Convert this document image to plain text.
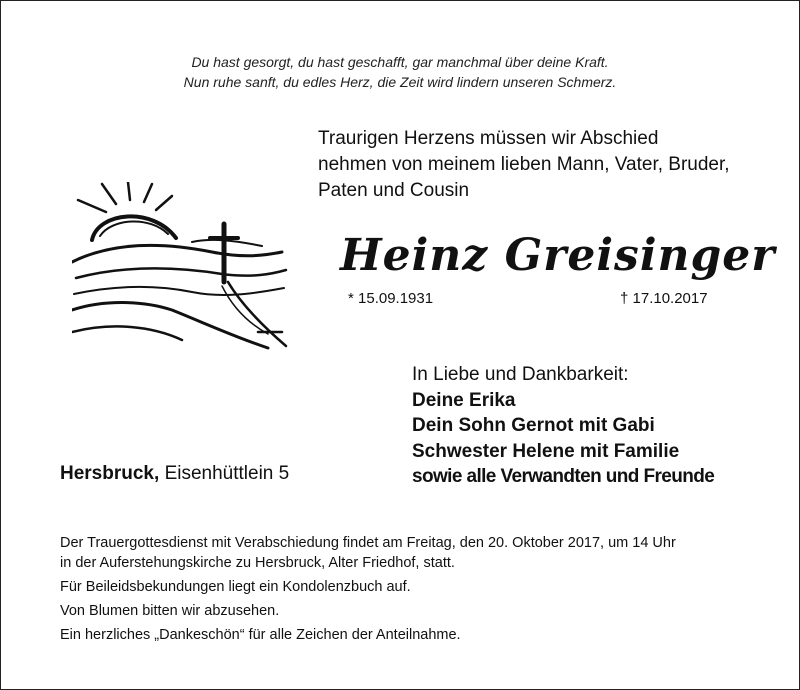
Du hast gesorgt, du hast geschafft, gar manchmal über deine Kraft.
Nun ruhe sanft, du edles Herz, die Zeit wird lindern unseren Schmerz.
Traurigen Herzens müssen wir Abschied
nehmen von meinem lieben Mann, Vater, Bruder,
Paten und Cousin
Heinz Greisinger
* 15.09.1931	† 17.10.2017
In Liebe und Dankbarkeit:
Deine Erika
Dein Sohn Gernot mit Gabi
Schwester Helene mit Familie
sowie alle Verwandten und Freunde
Hersbruck, Eisenhüttlein 5

Der Trauergottesdienst mit Verabschiedung findet am Freitag, den 20. Oktober 2017, um 14 Uhr
in der Auferstehungskirche zu Hersbruck, Alter Friedhof, statt.

Für Beileidsbekundungen liegt ein Kondolenzbuch auf.

Von Blumen bitten wir abzusehen.

Ein herzliches „Dankeschön“ für alle Zeichen der Anteilnahme.
